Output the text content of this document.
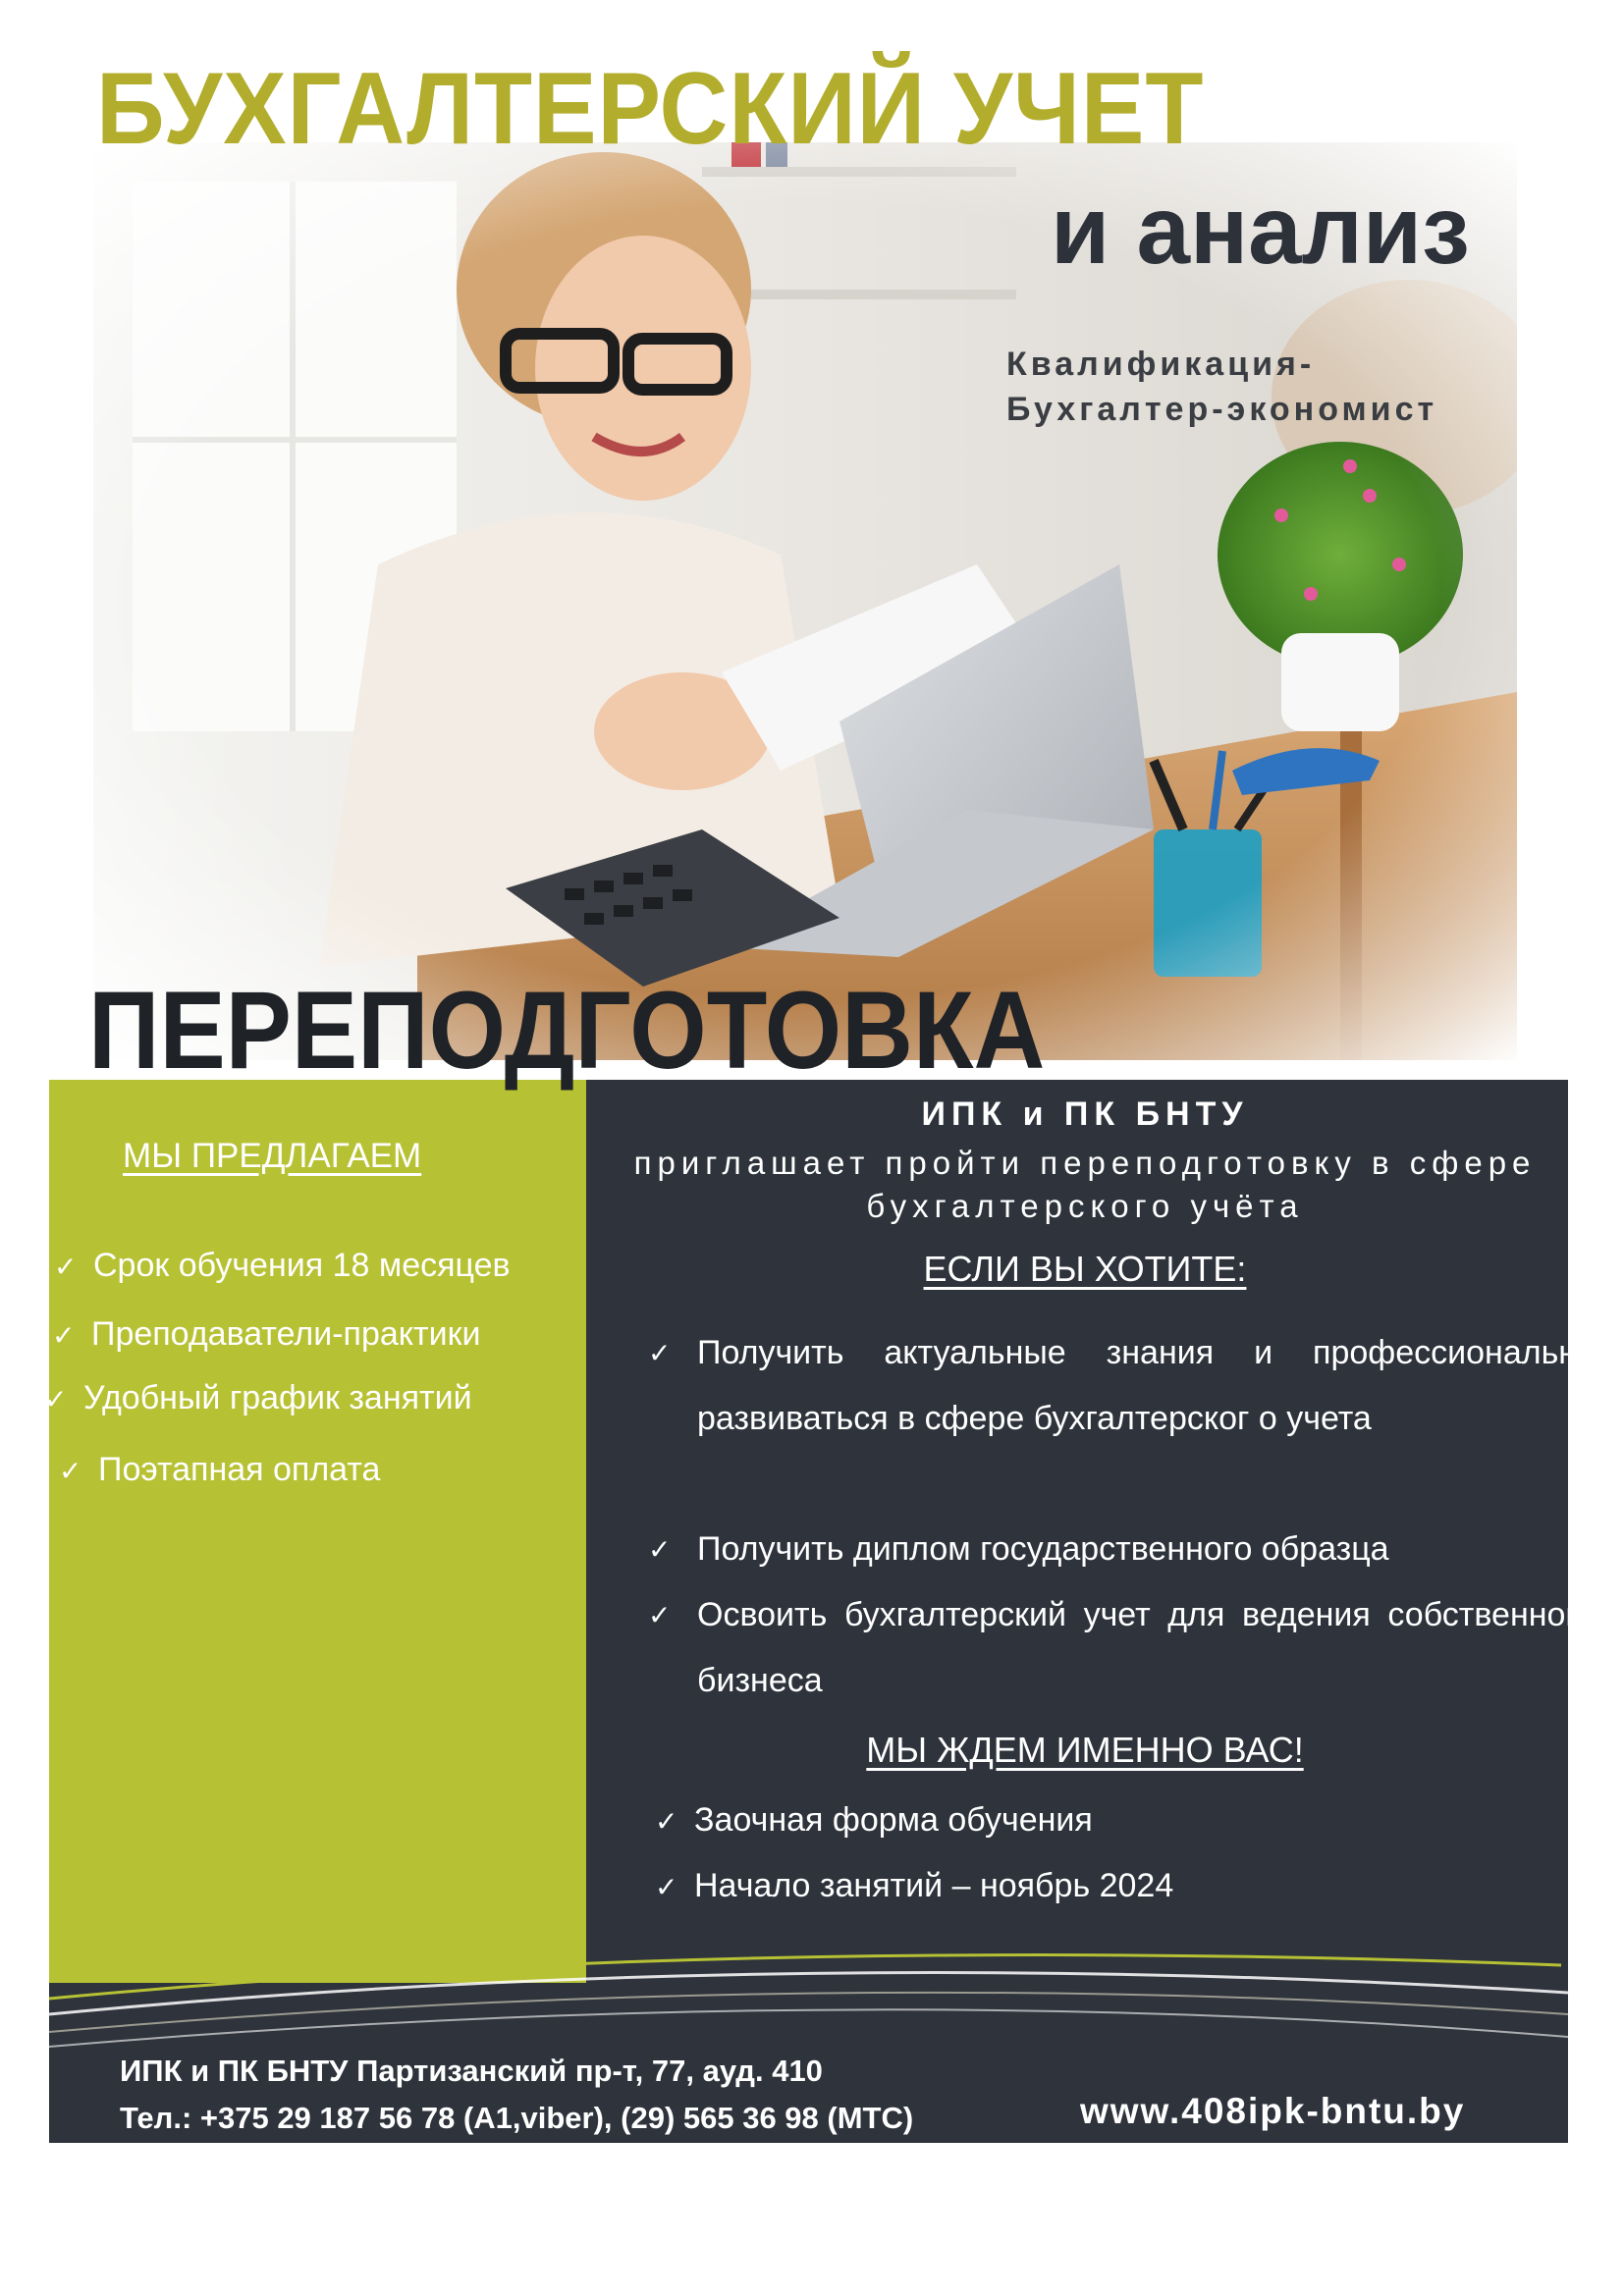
БУХГАЛТЕРСКИЙ УЧЕТ
и анализ
Квалификация-
Бухгалтер-экономист
МЫ ПРЕДЛАГАЕМ
✓ Срок обучения 18 месяцев
✓ Преподаватели-практики
✓ Удобный график занятий
✓ Поэтапная оплата
ИПК и ПК БНТУ
приглашает пройти переподготовку в сфере
бухгалтерского учёта
ЕСЛИ ВЫ ХОТИТЕ:
✓ Получить актуальные знания и профессионально развиваться в сфере бухгалтерског о учета
✓ Получить диплом государственного образца
✓ Освоить бухгалтерский учет для ведения собственного бизнеса
МЫ ЖДЕМ ИМЕННО ВАС!
✓ Заочная форма обучения
✓ Начало занятий – ноябрь 2024
ИПК и ПК БНТУ Партизанский пр-т, 77, ауд. 410
Тел.: +375 29 187 56 78 (А1,viber), (29) 565 36 98 (МТС)	www.408ipk-bntu.by
ПЕРЕПОДГОТОВКА
